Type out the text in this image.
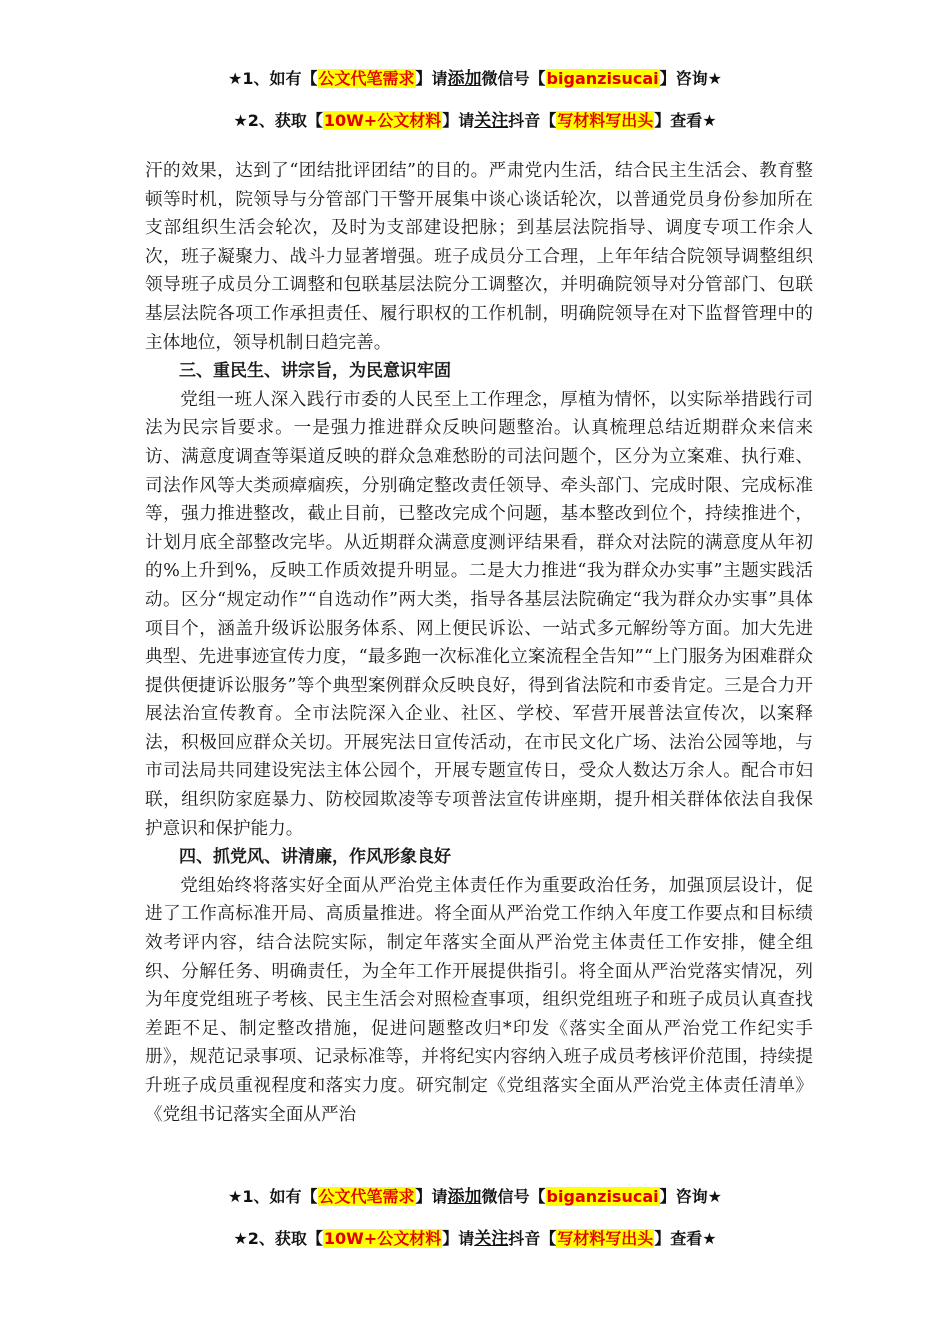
★1、如有【公文代笔需求】请添加微信号【biganzisucai】咨询★
★2、获取【10W+公文材料】请关注抖音【写材料写出头】查看★

汗的效果，达到了“团结批评团结”的目的。严肃党内生活，结合民主生活会、教育整顿等时机，院领导与分管部门干警开展集中谈心谈话轮次，以普通党员身份参加所在支部组织生活会轮次，及时为支部建设把脉；到基层法院指导、调度专项工作余人次，班子凝聚力、战斗力显著增强。班子成员分工合理，上年年结合院领导调整组织领导班子成员分工调整和包联基层法院分工调整次，并明确院领导对分管部门、包联基层法院各项工作承担责任、履行职权的工作机制，明确院领导在对下监督管理中的主体地位，领导机制日趋完善。

三、重民生、讲宗旨，为民意识牢固

党组一班人深入践行市委的人民至上工作理念，厚植为情怀，以实际举措践行司法为民宗旨要求。一是强力推进群众反映问题整治。认真梳理总结近期群众来信来访、满意度调查等渠道反映的群众急难愁盼的司法问题个，区分为立案难、执行难、司法作风等大类顽瘴痼疾，分别确定整改责任领导、牵头部门、完成时限、完成标准等，强力推进整改，截止目前，已整改完成个问题，基本整改到位个，持续推进个，计划月底全部整改完毕。从近期群众满意度测评结果看，群众对法院的满意度从年初的%上升到%，反映工作质效提升明显。二是大力推进“我为群众办实事”主题实践活动。区分“规定动作”“自选动作”两大类，指导各基层法院确定“我为群众办实事”具体项目个，涵盖升级诉讼服务体系、网上便民诉讼、一站式多元解纷等方面。加大先进典型、先进事迹宣传力度，“最多跑一次标准化立案流程全告知”“上门服务为困难群众提供便捷诉讼服务”等个典型案例群众反映良好，得到省法院和市委肯定。三是合力开展法治宣传教育。全市法院深入企业、社区、学校、军营开展普法宣传次，以案释法，积极回应群众关切。开展宪法日宣传活动，在市民文化广场、法治公园等地，与市司法局共同建设宪法主体公园个，开展专题宣传日，受众人数达万余人。配合市妇联，组织防家庭暴力、防校园欺凌等专项普法宣传讲座期，提升相关群体依法自我保护意识和保护能力。

四、抓党风、讲清廉，作风形象良好

党组始终将落实好全面从严治党主体责任作为重要政治任务，加强顶层设计，促进了工作高标准开局、高质量推进。将全面从严治党工作纳入年度工作要点和目标绩效考评内容，结合法院实际，制定年落实全面从严治党主体责任工作安排，健全组织、分解任务、明确责任，为全年工作开展提供指引。将全面从严治党落实情况，列为年度党组班子考核、民主生活会对照检查事项，组织党组班子和班子成员认真查找差距不足、制定整改措施，促进问题整改归*印发《落实全面从严治党工作纪实手册》，规范记录事项、记录标准等，并将纪实内容纳入班子成员考核评价范围，持续提升班子成员重视程度和落实力度。研究制定《党组落实全面从严治党主体责任清单》《党组书记落实全面从严治

★1、如有【公文代笔需求】请添加微信号【biganzisucai】咨询★
★2、获取【10W+公文材料】请关注抖音【写材料写出头】查看★
